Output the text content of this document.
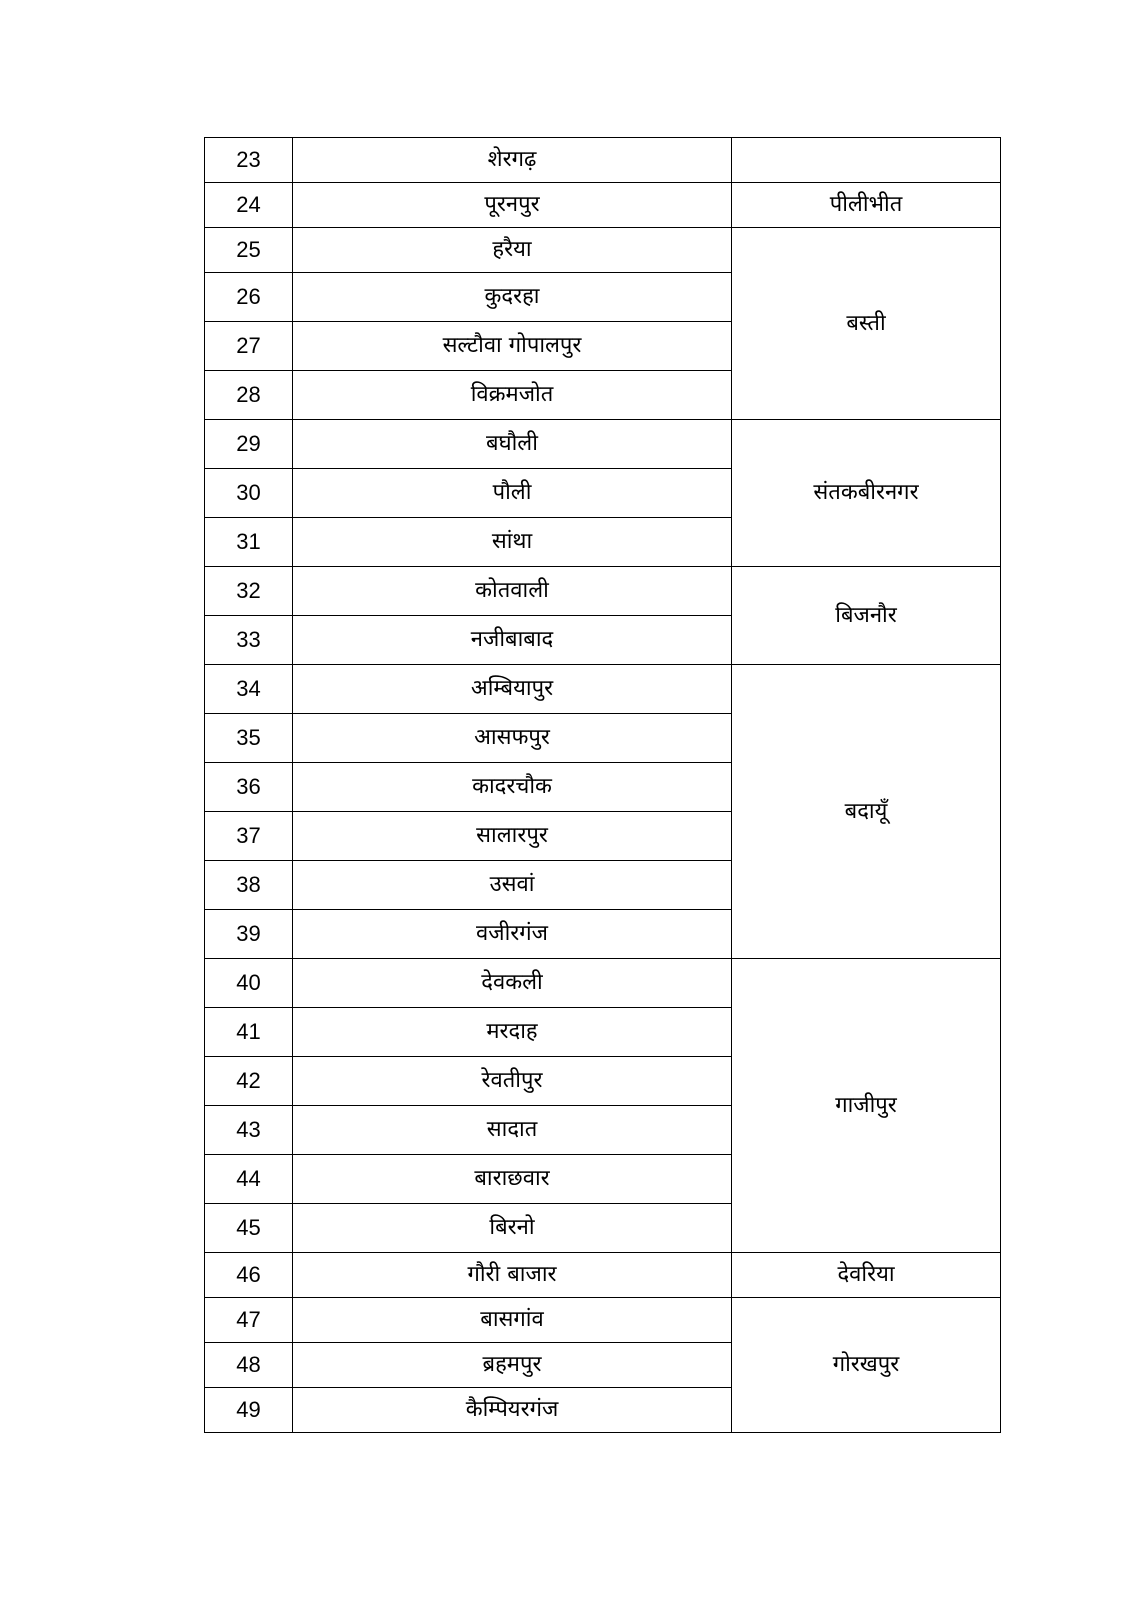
23	शेरगढ़	
24	पूरनपुर	पीलीभीत
25	हरैया	बस्ती
26	कुदरहा	
27	सल्टौवा गोपालपुर	
28	विक्रमजोत	
29	बघौली	संतकबीरनगर
30	पौली	
31	सांथा	
32	कोतवाली	बिजनौर
33	नजीबाबाद	
34	अम्बियापुर	बदायूँ
35	आसफपुर	
36	कादरचौक	
37	सालारपुर	
38	उसवां	
39	वजीरगंज	
40	देवकली	गाजीपुर
41	मरदाह	
42	रेवतीपुर	
43	सादात	
44	बाराछवार	
45	बिरनो	
46	गौरी बाजार	देवरिया
47	बासगांव	गोरखपुर
48	ब्रहमपुर	
49	कैम्पियरगंज	
